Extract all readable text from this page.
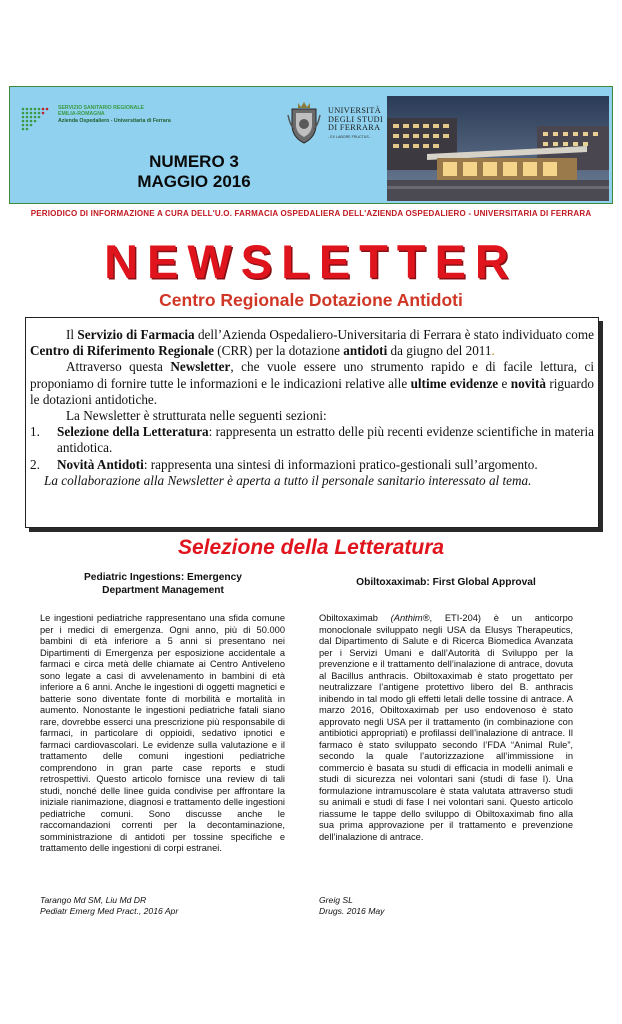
SERVIZIO SANITARIO REGIONALE
EMILIA-ROMAGNA
Azienda Ospedaliero - Universitaria di Ferrara
UNIVERSITÀ
DEGLI STUDI
DI FERRARA
- EX LABORE FRUCTUS -
NUMERO 3
MAGGIO 2016
PERIODICO DI INFORMAZIONE A CURA DELL'U.O. FARMACIA OSPEDALIERA DELL'AZIENDA OSPEDALIERO - UNIVERSITARIA DI FERRARA
NEWSLETTER
Centro Regionale Dotazione Antidoti

Il Servizio di Farmacia dell’Azienda Ospedaliero-Universitaria di Ferrara è stato individuato come Centro di Riferimento Regionale (CRR) per la dotazione antidoti da giugno del 2011.

Attraverso questa Newsletter, che vuole essere uno strumento rapido e di facile lettura, ci proponiamo di fornire tutte le informazioni e le indicazioni relative alle ultime evidenze e novità riguardo le dotazioni antidotiche.

La Newsletter è strutturata nelle seguenti sezioni:

1.	Selezione della Letteratura: rappresenta un estratto delle più recenti evidenze scientifiche in materia antidotica.
2.	Novità Antidoti: rappresenta una sintesi di informazioni pratico-gestionali sull’argomento.

La collaborazione alla Newsletter è aperta a tutto il personale sanitario interessato al tema.

Selezione della Letteratura
Pediatric Ingestions: Emergency Department Management
Le ingestioni pediatriche rappresentano una sfida comune per i medici di emergenza. Ogni anno, più di 50.000 bambini di età inferiore a 5 anni si presentano nei Dipartimenti di Emergenza per esposizione accidentale a farmaci e circa metà delle chiamate ai Centro Antiveleno sono legate a casi di avvelenamento in bambini di età inferiore a 6 anni. Anche le ingestioni di oggetti magnetici e batterie sono diventate fonte di morbilità e mortalità in aumento. Nonostante le ingestioni pediatriche fatali siano rare, dovrebbe esserci una prescrizione più responsabile di farmaci, in particolare di oppioidi, sedativo ipnotici e farmaci cardiovascolari. Le evidenze sulla valutazione e il trattamento delle comuni ingestioni pediatriche comprendono in gran parte case reports e studi retrospettivi. Questo articolo fornisce una review di tali studi, nonché delle linee guida condivise per affrontare la iniziale rianimazione, diagnosi e trattamento delle ingestioni pediatriche comuni. Sono discusse anche le raccomandazioni correnti per la decontaminazione, somministrazione di antidoti per tossine specifiche e trattamento delle ingestioni di corpi estranei.
Tarango Md SM, Liu Md DR
Pediatr Emerg Med Pract., 2016 Apr
Obiltoxaximab: First Global Approval
Obiltoxaximab (Anthim®, ETI-204) è un anticorpo monoclonale sviluppato negli USA da Elusys Therapeutics, dal Dipartimento di Salute e di Ricerca Biomedica Avanzata per i Servizi Umani e dall’Autorità di Sviluppo per la prevenzione e il trattamento dell’inalazione di antrace, dovuta al Bacillus anthracis. Obiltoxaximab è stato progettato per neutralizzare l’antigene protettivo libero del B. anthracis inibendo in tal modo gli effetti letali delle tossine di antrace. A marzo 2016, Obiltoxaximab per uso endovenoso è stato approvato negli USA per il trattamento (in combinazione con antibiotici appropriati) e profilassi dell’inalazione di antrace. Il farmaco è stato sviluppato secondo l’FDA “Animal Rule”, secondo la quale l’autorizzazione all’immissione in commercio è basata su studi di efficacia in modelli animali e studi di sicurezza nei volontari sani (studi di fase I). Una formulazione intramuscolare è stata valutata attraverso studi su animali e studi di fase I nei volontari sani. Questo articolo riassume le tappe dello sviluppo di Obiltoxaximab fino alla sua prima approvazione per il trattamento e prevenzione dell’inalazione di antrace.
Greig SL
Drugs. 2016 May
